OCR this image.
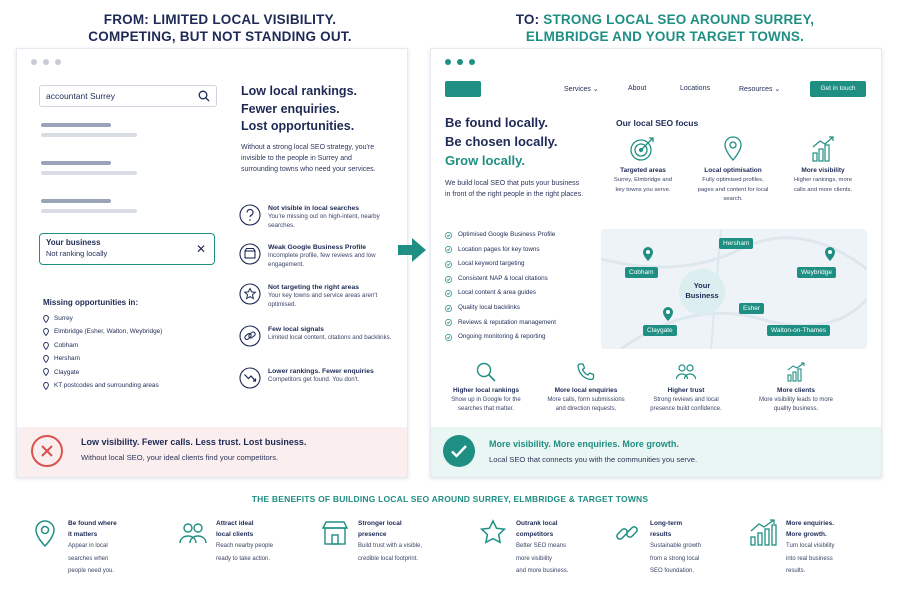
FROM: LIMITED LOCAL VISIBILITY.
COMPETING, BUT NOT STANDING OUT.
TO: STRONG LOCAL SEO AROUND SURREY,
ELMBRIDGE AND YOUR TARGET TOWNS.
accountant Surrey
Your business
Not ranking locally	✕
Missing opportunities in:
Surrey
Elmbridge (Esher, Walton, Weybridge)
Cobham
Hersham
Claygate
KT postcodes and surrounding areas
Low local rankings.
Fewer enquiries.
Lost opportunities.
Without a strong local SEO strategy, you're invisible to the people in Surrey and surrounding towns who need your services.
Not visible in local searches
You're missing out on high-intent, nearby searches.
Weak Google Business Profile
Incomplete profile, few reviews and low engagement.
Not targeting the right areas
Your key towns and service areas aren't optimised.
Few local signals
Limited local content, citations and backlinks.
Lower rankings. Fewer enquiries
Competitors get found. You don't.
Low visibility. Fewer calls. Less trust. Lost business.
Without local SEO, your ideal clients find your competitors.
Services ⌄	About	Locations	Resources ⌄	Get in touch
Be found locally.
Be chosen locally.
Grow locally.
We build local SEO that puts your business in front of the right people in the right places.
Optimised Google Business Profile
Location pages for key towns
Local keyword targeting
Consistent NAP & local citations
Local content & area guides
Quality local backlinks
Reviews & reputation management
Ongoing monitoring & reporting
Our local SEO focus
Targeted areas
Surrey, Elmbridge and key towns you serve.
Local optimisation
Fully optimised profiles, pages and content for local search.
More visibility
Higher rankings, more calls and more clients.
Your Business
Hersham
Cobham	Weybridge
Esher
Claygate	Walton-on-Thames
Higher local rankings
Show up in Google for the searches that matter.
More local enquiries
More calls, form submissions and direction requests.
Higher trust
Strong reviews and local presence build confidence.
More clients
More visibility leads to more quality business.
More visibility. More enquiries. More growth.
Local SEO that connects you with the communities you serve.
THE BENEFITS OF BUILDING LOCAL SEO AROUND SURREY, ELMBRIDGE & TARGET TOWNS
Be found where
it matters
Appear in local
searches when
people need you.
Attract ideal
local clients
Reach nearby people
ready to take action.
Stronger local
presence
Build trust with a visible,
credible local footprint.
Outrank local
competitors
Better SEO means
more visibility
and more business.
Long-term
results
Sustainable growth
from a strong local
SEO foundation.
More enquiries.
More growth.
Turn local visibility
into real business
results.
